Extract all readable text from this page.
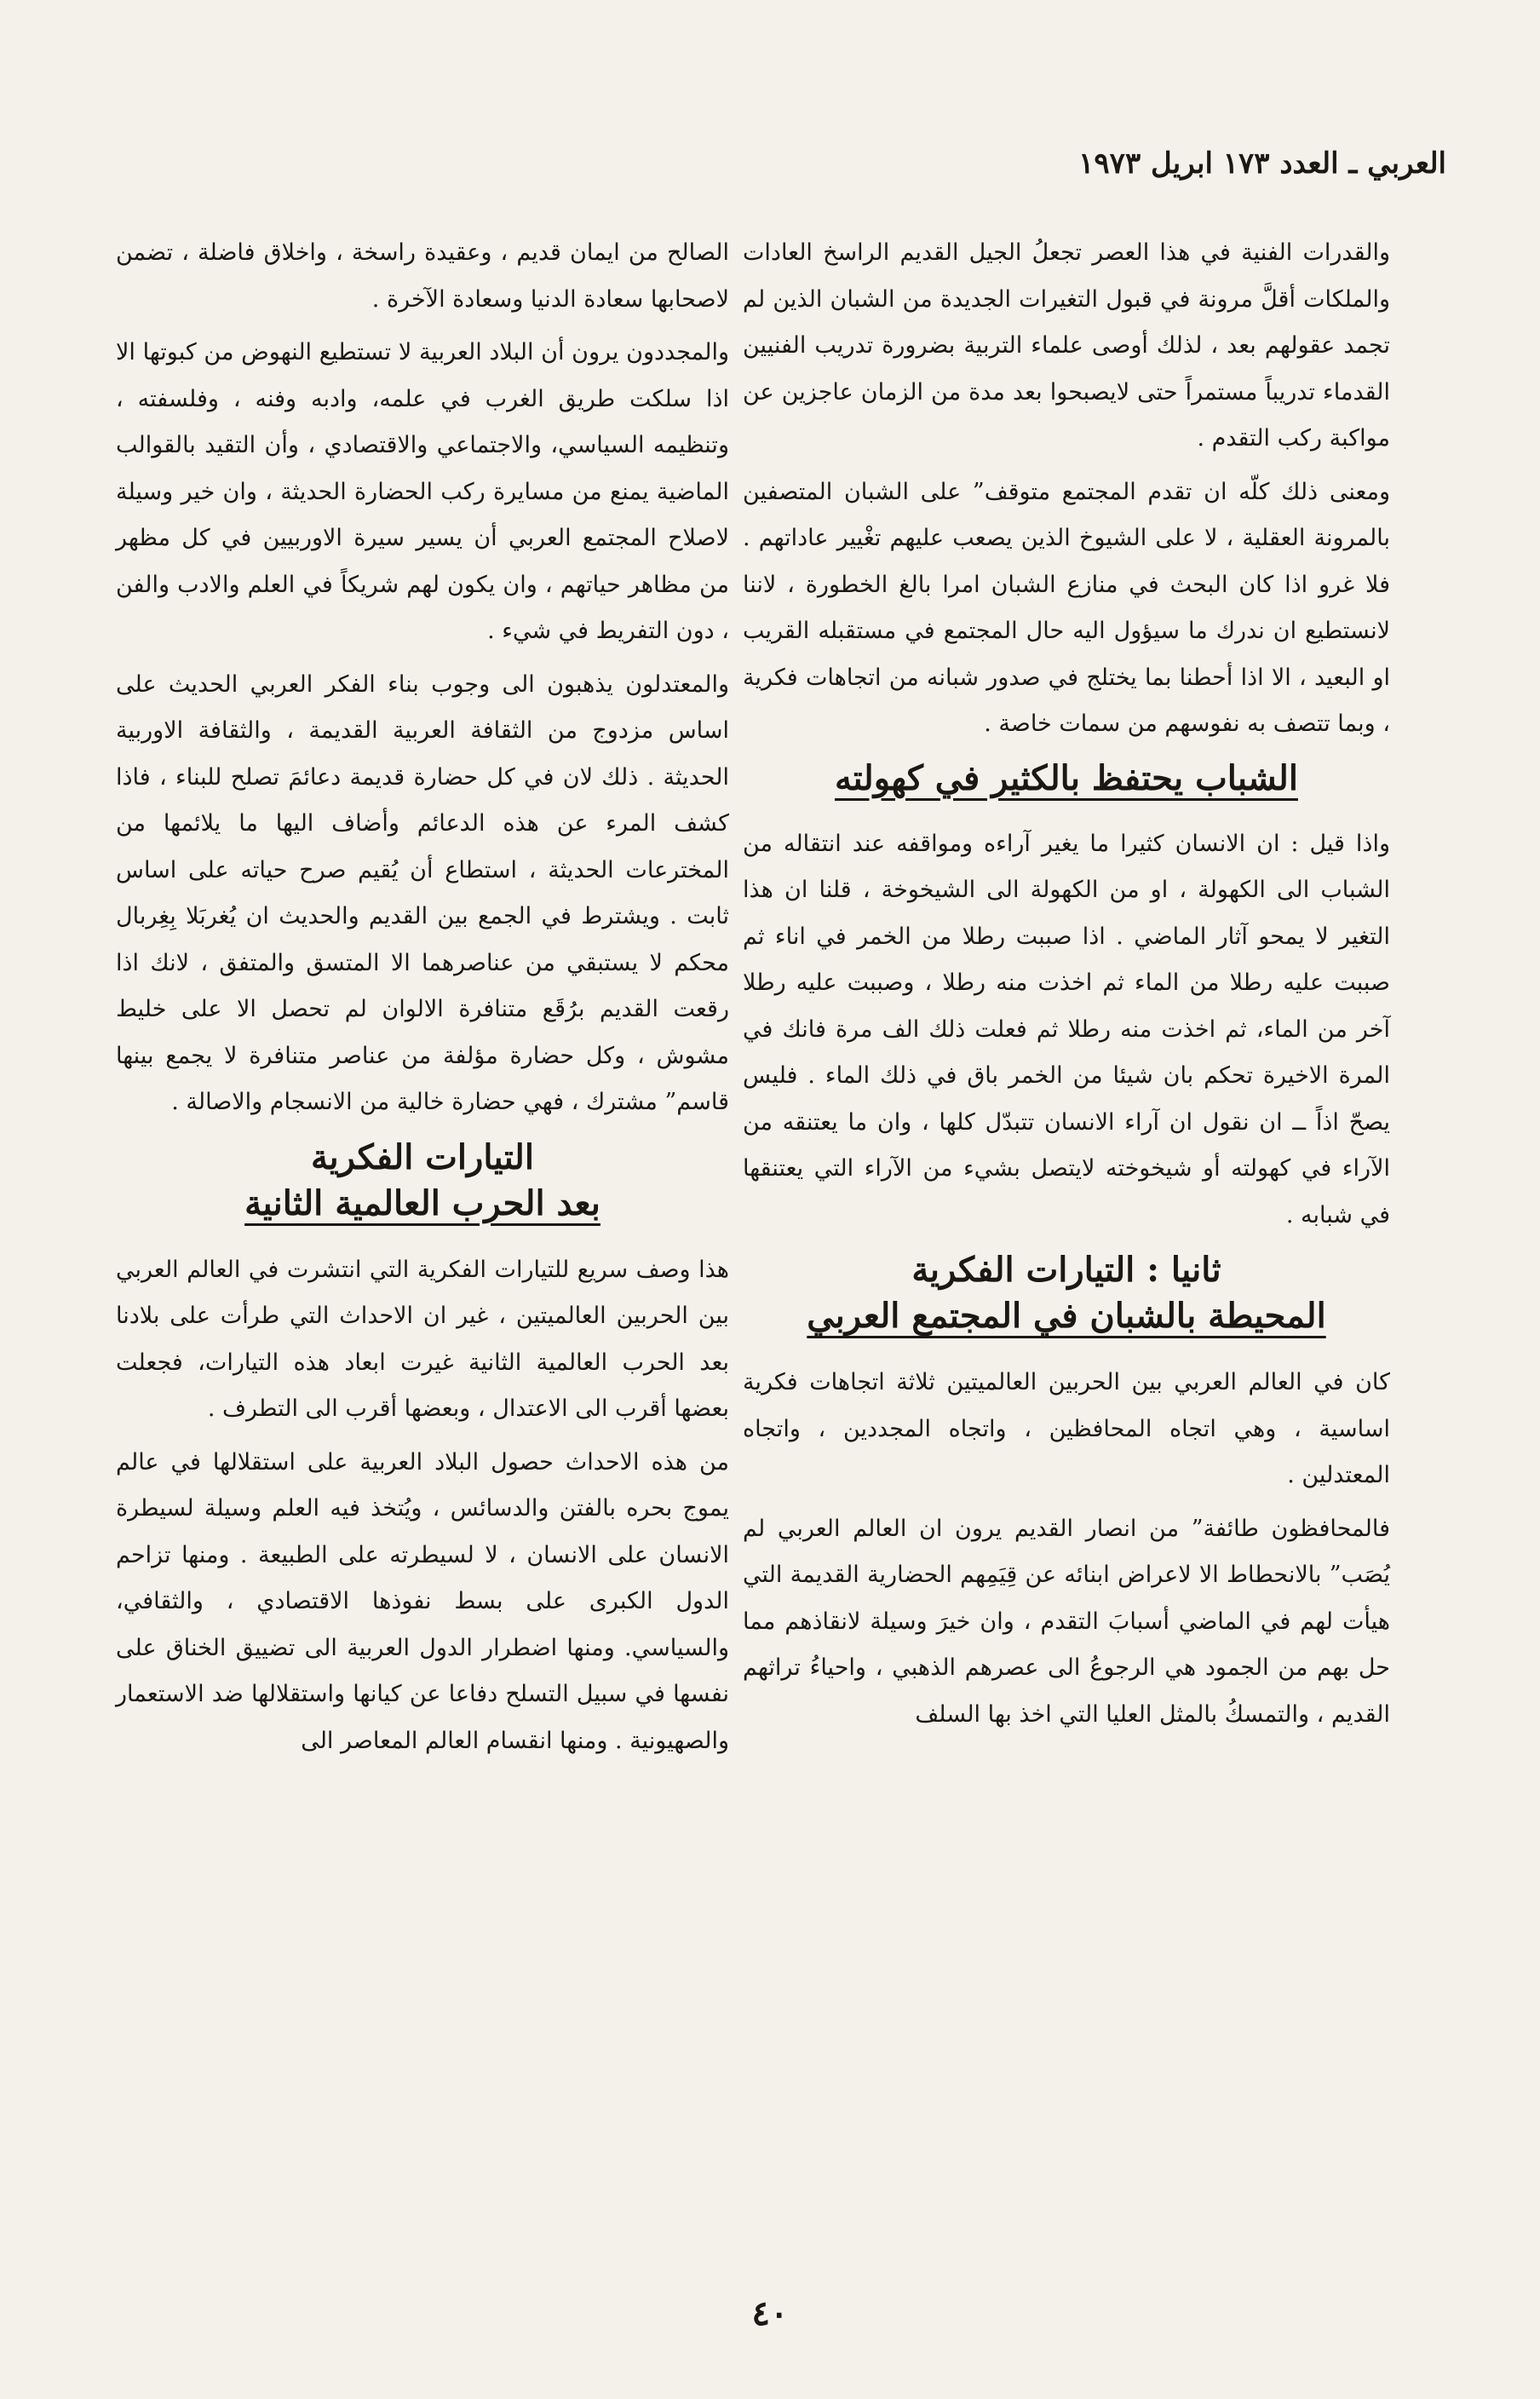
العربي ـ العدد ١٧٣ ابريل ١٩٧٣

والقدرات الفنية في هذا العصر تجعلُ الجيل القديم الراسخ العادات والملكات أقلَّ مرونة في قبول التغيرات الجديدة من الشبان الذين لم تجمد عقولهم بعد ، لذلك أوصى علماء التربية بضرورة تدريب الفنيين القدماء تدريباً مستمراً حتى لايصبحوا بعد مدة من الزمان عاجزين عن مواكبة ركب التقدم .

ومعنى ذلك كلّه ان تقدم المجتمع متوقف” على الشبان المتصفين بالمرونة العقلية ، لا على الشيوخ الذين يصعب عليهم تغْيير عاداتهم . فلا غرو اذا كان البحث في منازع الشبان امرا بالغ الخطورة ، لاننا لانستطيع ان ندرك ما سيؤول اليه حال المجتمع في مستقبله القريب او البعيد ، الا اذا أحطنا بما يختلج في صدور شبانه من اتجاهات فكرية ، وبما تتصف به نفوسهم من سمات خاصة .

الشباب يحتفظ بالكثير في كهولته

واذا قيل : ان الانسان كثيرا ما يغير آراءه ومواقفه عند انتقاله من الشباب الى الكهولة ، او من الكهولة الى الشيخوخة ، قلنا ان هذا التغير لا يمحو آثار الماضي . اذا صببت رطلا من الخمر في اناء ثم صببت عليه رطلا من الماء ثم اخذت منه رطلا ، وصببت عليه رطلا آخر من الماء، ثم اخذت منه رطلا ثم فعلت ذلك الف مرة فانك في المرة الاخيرة تحكم بان شيئا من الخمر باق في ذلك الماء . فليس يصحّ اذاً ــ ان نقول ان آراء الانسان تتبدّل كلها ، وان ما يعتنقه من الآراء في كهولته أو شيخوخته لايتصل بشيء من الآراء التي يعتنقها في شبابه .

ثانيا : التيارات الفكرية
المحيطة بالشبان في المجتمع العربي

كان في العالم العربي بين الحربين العالميتين ثلاثة اتجاهات فكرية اساسية ، وهي اتجاه المحافظين ، واتجاه المجددين ، واتجاه المعتدلين .

فالمحافظون طائفة” من انصار القديم يرون ان العالم العربي لم يُصَب” بالانحطاط الا لاعراض ابنائه عن قِيَمِهم الحضارية القديمة التي هيأت لهم في الماضي أسبابَ التقدم ، وان خيرَ وسيلة لانقاذهم مما حل بهم من الجمود هي الرجوعُ الى عصرهم الذهبي ، واحياءُ تراثهم القديم ، والتمسكُ بالمثل العليا التي اخذ بها السلف

الصالح من ايمان قديم ، وعقيدة راسخة ، واخلاق فاضلة ، تضمن لاصحابها سعادة الدنيا وسعادة الآخرة .

والمجددون يرون أن البلاد العربية لا تستطيع النهوض من كبوتها الا اذا سلكت طريق الغرب في علمه، وادبه وفنه ، وفلسفته ، وتنظيمه السياسي، والاجتماعي والاقتصادي ، وأن التقيد بالقوالب الماضية يمنع من مسايرة ركب الحضارة الحديثة ، وان خير وسيلة لاصلاح المجتمع العربي أن يسير سيرة الاوربيين في كل مظهر من مظاهر حياتهم ، وان يكون لهم شريكاً في العلم والادب والفن ، دون التفريط في شيء .

والمعتدلون يذهبون الى وجوب بناء الفكر العربي الحديث على اساس مزدوج من الثقافة العربية القديمة ، والثقافة الاوربية الحديثة . ذلك لان في كل حضارة قديمة دعائمَ تصلح للبناء ، فاذا كشف المرء عن هذه الدعائم وأضاف اليها ما يلائمها من المخترعات الحديثة ، استطاع أن يُقيم صرح حياته على اساس ثابت . ويشترط في الجمع بين القديم والحديث ان يُغربَلا بِغِربال محكم لا يستبقي من عناصرهما الا المتسق والمتفق ، لانك اذا رقعت القديم برُقَع متنافرة الالوان لم تحصل الا على خليط مشوش ، وكل حضارة مؤلفة من عناصر متنافرة لا يجمع بينها قاسم” مشترك ، فهي حضارة خالية من الانسجام والاصالة .

التيارات الفكرية
بعد الحرب العالمية الثانية

هذا وصف سريع للتيارات الفكرية التي انتشرت في العالم العربي بين الحربين العالميتين ، غير ان الاحداث التي طرأت على بلادنا بعد الحرب العالمية الثانية غيرت ابعاد هذه التيارات، فجعلت بعضها أقرب الى الاعتدال ، وبعضها أقرب الى التطرف .

من هذه الاحداث حصول البلاد العربية على استقلالها في عالم يموج بحره بالفتن والدسائس ، ويُتخذ فيه العلم وسيلة لسيطرة الانسان على الانسان ، لا لسيطرته على الطبيعة . ومنها تزاحم الدول الكبرى على بسط نفوذها الاقتصادي ، والثقافي، والسياسي. ومنها اضطرار الدول العربية الى تضييق الخناق على نفسها في سبيل التسلح دفاعا عن كيانها واستقلالها ضد الاستعمار والصهيونية . ومنها انقسام العالم المعاصر الى

٤٠
